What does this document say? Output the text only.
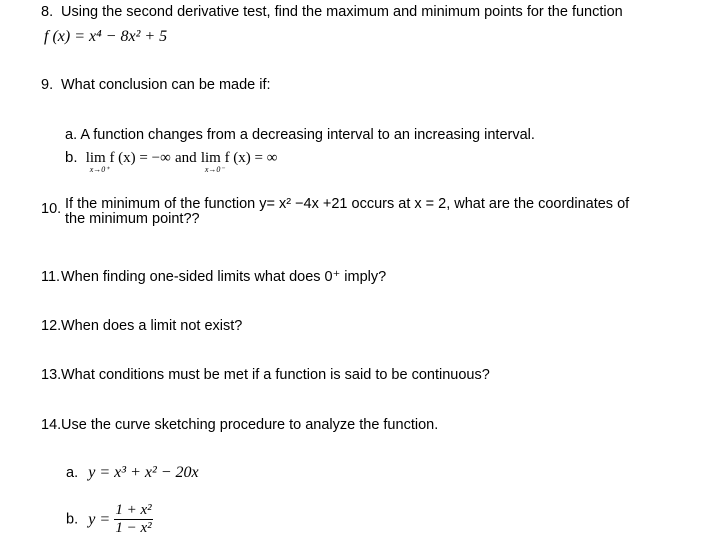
8. Using the second derivative test, find the maximum and minimum points for the function
f (x) = x⁴ − 8x² + 5
9. What conclusion can be made if:
a. A function changes from a decreasing interval to an increasing interval.
b. lim f (x) = −∞
x→0⁺
and lim f (x) = ∞
x→0⁻
10. If the minimum of the function y= x² −4x +21 occurs at x = 2, what are the coordinates of
the minimum point??
11.When finding one-sided limits what does 0⁺ imply?
12.When does a limit not exist?
13.What conditions must be met if a function is said to be continuous?
14.Use the curve sketching procedure to analyze the function.
a. y = x³ + x² − 20x
b. $y = \frac{\text{1 + x²}}{\text{1 − x²}}$
